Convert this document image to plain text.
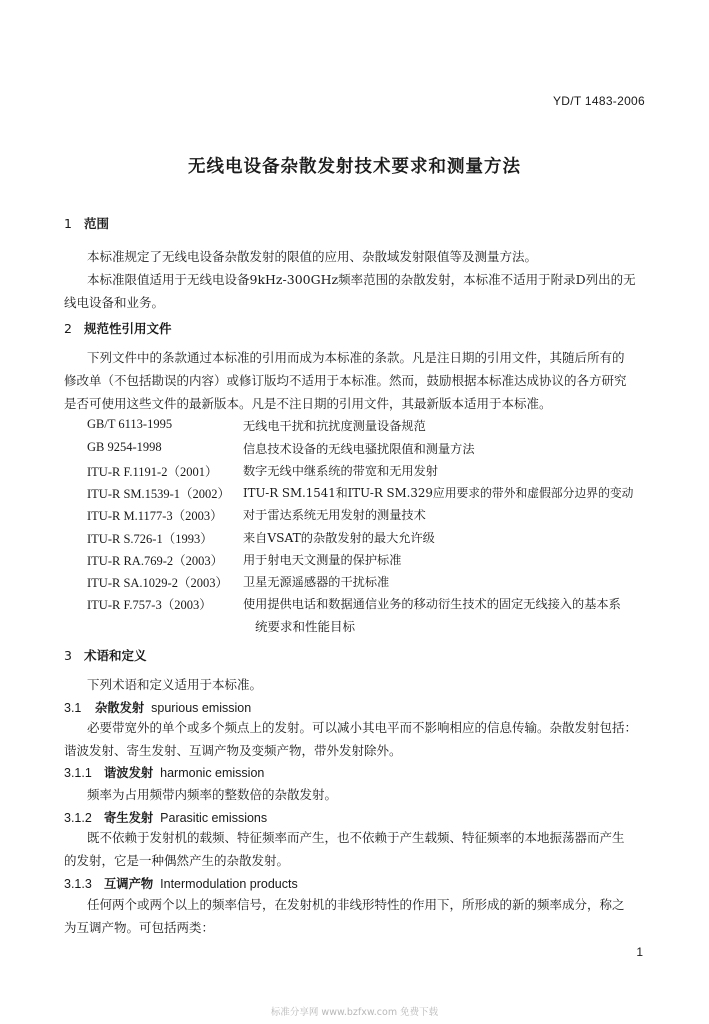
YD/T 1483-2006
无线电设备杂散发射技术要求和测量方法
1 范围
本标准规定了无线电设备杂散发射的限值的应用、杂散域发射限值等及测量方法。
本标准限值适用于无线电设备9kHz-300GHz频率范围的杂散发射，本标准不适用于附录D列出的无
线电设备和业务。
2 规范性引用文件
下列文件中的条款通过本标准的引用而成为本标准的条款。凡是注日期的引用文件，其随后所有的
修改单（不包括勘误的内容）或修订版均不适用于本标准。然而，鼓励根据本标准达成协议的各方研究
是否可使用这些文件的最新版本。凡是不注日期的引用文件，其最新版本适用于本标准。
GB/T 6113-1995	无线电干扰和抗扰度测量设备规范
GB 9254-1998	信息技术设备的无线电骚扰限值和测量方法
ITU-R F.1191-2（2001） 数字无线中继系统的带宽和无用发射
ITU-R SM.1539-1（2002） ITU-R SM.1541和ITU-R SM.329应用要求的带外和虚假部分边界的变动
ITU-R M.1177-3（2003） 对于雷达系统无用发射的测量技术
ITU-R S.726-1（1993） 来自VSAT的杂散发射的最大允许级
ITU-R RA.769-2（2003） 用于射电天文测量的保护标准
ITU-R SA.1029-2（2003） 卫星无源遥感器的干扰标准
ITU-R F.757-3（2003）	使用提供电话和数据通信业务的移动衍生技术的固定无线接入的基本系
统要求和性能目标
3 术语和定义
下列术语和定义适用于本标准。
3.1 杂散发射 spurious emission
必要带宽外的单个或多个频点上的发射。可以减小其电平而不影响相应的信息传输。杂散发射包括：
谐波发射、寄生发射、互调产物及变频产物，带外发射除外。
3.1.1 谐波发射 harmonic emission
频率为占用频带内频率的整数倍的杂散发射。
3.1.2 寄生发射 Parasitic emissions
既不依赖于发射机的载频、特征频率而产生，也不依赖于产生载频、特征频率的本地振荡器而产生
的发射，它是一种偶然产生的杂散发射。
3.1.3 互调产物 Intermodulation products
任何两个或两个以上的频率信号，在发射机的非线形特性的作用下，所形成的新的频率成分，称之
为互调产物。可包括两类：
1
标准分享网 www.bzfxw.com 免费下载
